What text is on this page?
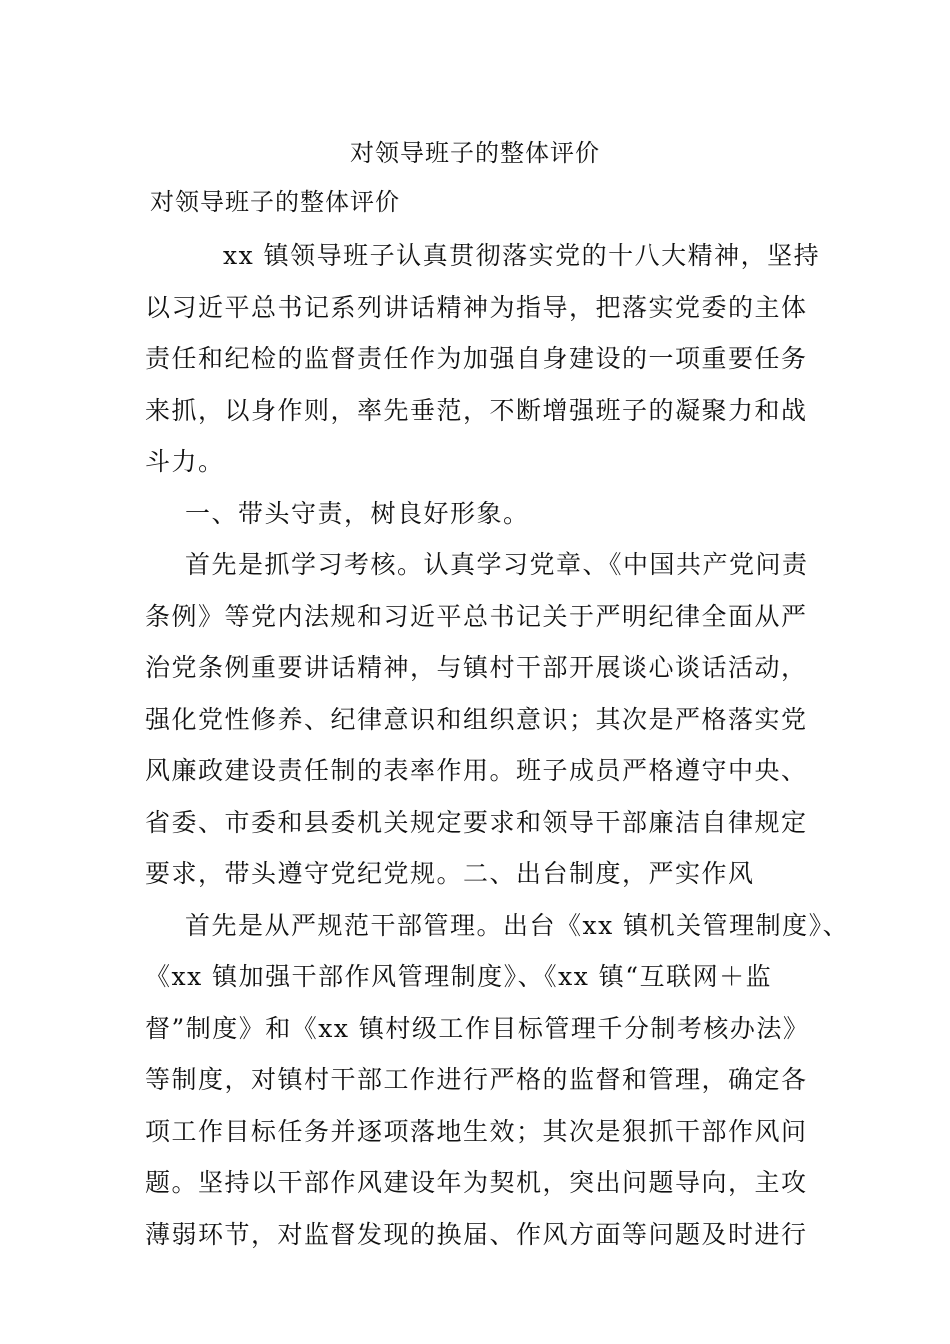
对领导班子的整体评价
对领导班子的整体评价

xx 镇领导班子认真贯彻落实党的十八大精神，坚持
以习近平总书记系列讲话精神为指导，把落实党委的主体
责任和纪检的监督责任作为加强自身建设的一项重要任务
来抓，以身作则，率先垂范，不断增强班子的凝聚力和战
斗力。

一、带头守责，树良好形象。

首先是抓学习考核。认真学习党章、《中国共产党问责
条例》等党内法规和习近平总书记关于严明纪律全面从严
治党条例重要讲话精神，与镇村干部开展谈心谈话活动，
强化党性修养、纪律意识和组织意识；其次是严格落实党
风廉政建设责任制的表率作用。班子成员严格遵守中央、
省委、市委和县委机关规定要求和领导干部廉洁自律规定
要求，带头遵守党纪党规。二、出台制度，严实作风

首先是从严规范干部管理。出台《xx 镇机关管理制度》、
《xx 镇加强干部作风管理制度》、《xx 镇“互联网＋监
督”制度》和《xx 镇村级工作目标管理千分制考核办法》
等制度，对镇村干部工作进行严格的监督和管理，确定各
项工作目标任务并逐项落地生效；其次是狠抓干部作风问
题。坚持以干部作风建设年为契机，突出问题导向，主攻
薄弱环节，对监督发现的换届、作风方面等问题及时进行
